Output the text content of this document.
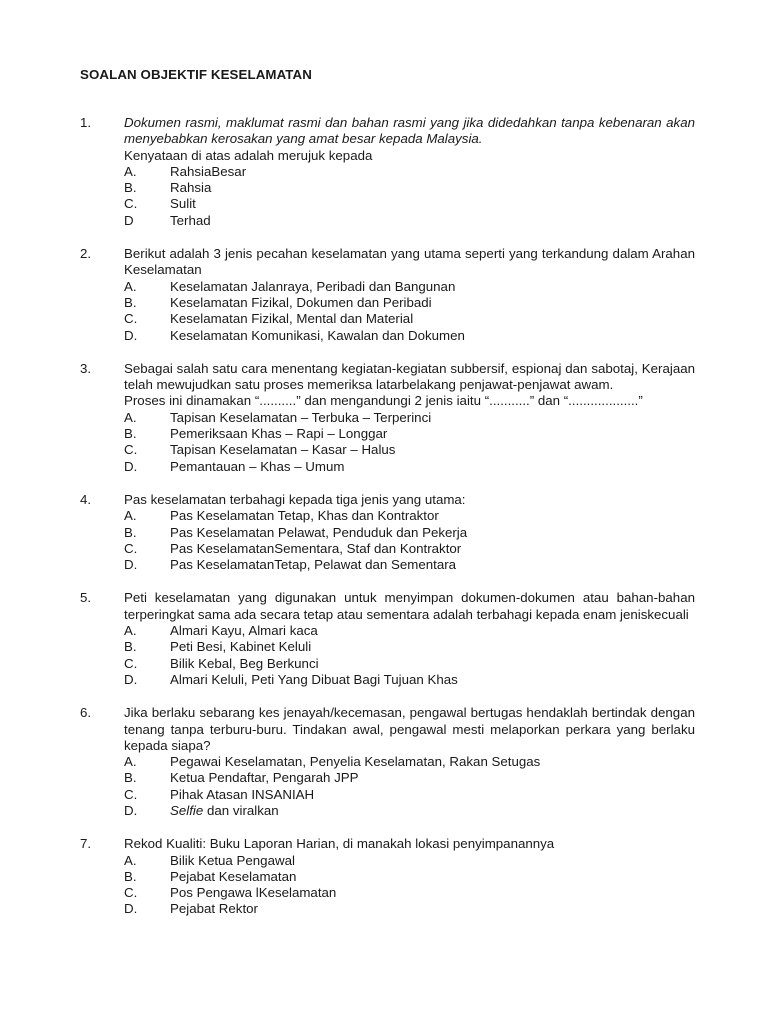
SOALAN OBJEKTIF KESELAMATAN
1.	Dokumen rasmi, maklumat rasmi dan bahan rasmi yang jika didedahkan tanpa kebenaran akan menyebabkan kerosakan yang amat besar kepada Malaysia.
Kenyataan di atas adalah merujuk kepada
A.	RahsiaBesar
B.	Rahsia
C.	Sulit
D	Terhad
2.	Berikut adalah 3 jenis pecahan keselamatan yang utama seperti yang terkandung dalam Arahan Keselamatan
A.	Keselamatan Jalanraya, Peribadi dan Bangunan
B.	Keselamatan Fizikal, Dokumen dan Peribadi
C.	Keselamatan Fizikal, Mental dan Material
D.	Keselamatan Komunikasi, Kawalan dan Dokumen
3.	Sebagai salah satu cara menentang kegiatan-kegiatan subbersif, espionaj dan sabotaj, Kerajaan telah mewujudkan satu proses memeriksa latarbelakang penjawat-penjawat awam.
Proses ini dinamakan “..........” dan mengandungi 2 jenis iaitu “...........” dan “...................”
A.	Tapisan Keselamatan – Terbuka – Terperinci
B.	Pemeriksaan Khas – Rapi – Longgar
C.	Tapisan Keselamatan – Kasar – Halus
D.	Pemantauan – Khas – Umum
4.	Pas keselamatan terbahagi kepada tiga jenis yang utama:
A.	Pas Keselamatan Tetap, Khas dan Kontraktor
B.	Pas Keselamatan Pelawat, Penduduk dan Pekerja
C.	Pas KeselamatanSementara, Staf dan Kontraktor
D.	Pas KeselamatanTetap, Pelawat dan Sementara
5.	Peti keselamatan yang digunakan untuk menyimpan dokumen-dokumen atau bahan-bahan terperingkat sama ada secara tetap atau sementara adalah terbahagi kepada enam jeniskecuali
A.	Almari Kayu, Almari kaca
B.	Peti Besi, Kabinet Keluli
C.	Bilik Kebal, Beg Berkunci
D.	Almari Keluli, Peti Yang Dibuat Bagi Tujuan Khas
6.	Jika berlaku sebarang kes jenayah/kecemasan, pengawal bertugas hendaklah bertindak dengan tenang tanpa terburu-buru. Tindakan awal, pengawal mesti melaporkan perkara yang berlaku kepada siapa?
A.	Pegawai Keselamatan, Penyelia Keselamatan, Rakan Setugas
B.	Ketua Pendaftar, Pengarah JPP
C.	Pihak Atasan INSANIAH
D.	Selfie dan viralkan
7.	Rekod Kualiti: Buku Laporan Harian, di manakah lokasi penyimpanannya
A.	Bilik Ketua Pengawal
B.	Pejabat Keselamatan
C.	Pos Pengawa lKeselamatan
D.	Pejabat Rektor
